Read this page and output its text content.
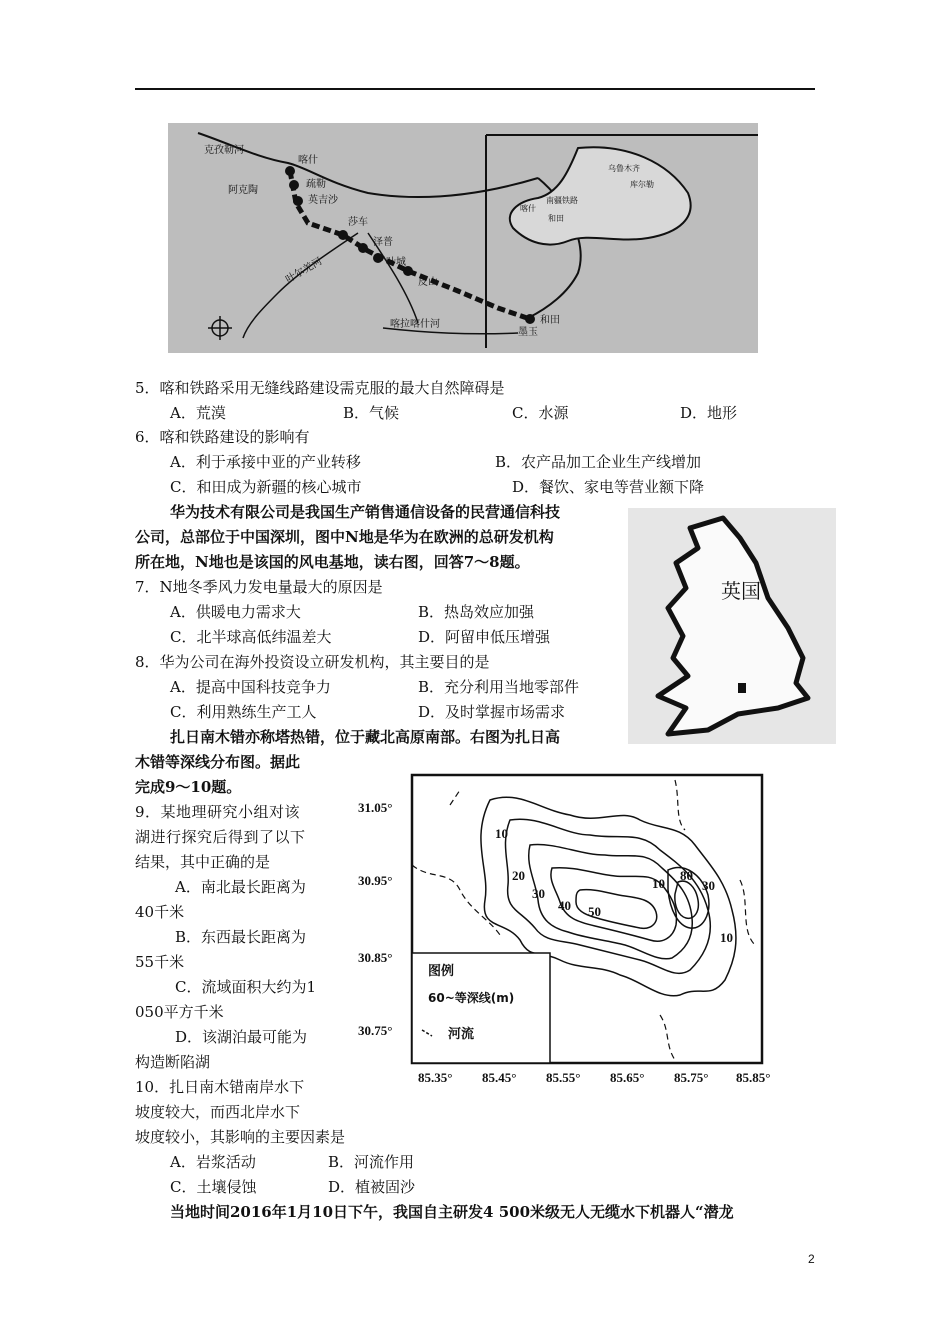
克孜勒河
喀什
疏勒
阿克陶
英吉沙
莎车
泽普
叶城
皮山
叶尔羌河
喀拉喀什河
墨玉
和田
乌鲁木齐
库尔勒
南疆铁路
喀什
和田
5．喀和铁路采用无缝线路建设需克服的最大自然障碍是
A．荒漠	B．气候	C．水源	D．地形
6．喀和铁路建设的影响有
A．利于承接中亚的产业转移	B．农产品加工企业生产线增加
C．和田成为新疆的核心城市	D．餐饮、家电等营业额下降
华为技术有限公司是我国生产销售通信设备的民营通信科技
公司，总部位于中国深圳，图中N地是华为在欧洲的总研发机构
所在地，N地也是该国的风电基地，读右图，回答7～8题。
英国
7．N地冬季风力发电量最大的原因是
A．供暖电力需求大	B．热岛效应加强
C．北半球高低纬温差大	D．阿留申低压增强
8．华为公司在海外投资设立研发机构，其主要目的是
A．提高中国科技竞争力	B．充分利用当地零部件
C．利用熟练生产工人	D．及时掌握市场需求
扎日南木错亦称塔热错，位于藏北高原南部。右图为扎日高
木错等深线分布图。据此
完成9～10题。
9．某地理研究小组对该
湖进行探究后得到了以下
结果，其中正确的是
A．南北最长距离为
40千米
B．东西最长距离为
55千米
C．流域面积大约为1
050平方千米
D．该湖泊最可能为
构造断陷湖
10．扎日南木错南岸水下
坡度较大，而西北岸水下
坡度较小，其影响的主要因素是
A．岩浆活动	B．河流作用
C．土壤侵蚀	D．植被固沙
图例
60~等深线(m)
河流
31.05°
30.95°
30.85°
30.75°
85.35° 85.45° 85.55° 85.65° 85.75° 85.85°
10
20
30
40 50
10
80
30
10
当地时间2016年1月10日下午，我国自主研发4 500米级无人无缆水下机器人“潜龙
2
